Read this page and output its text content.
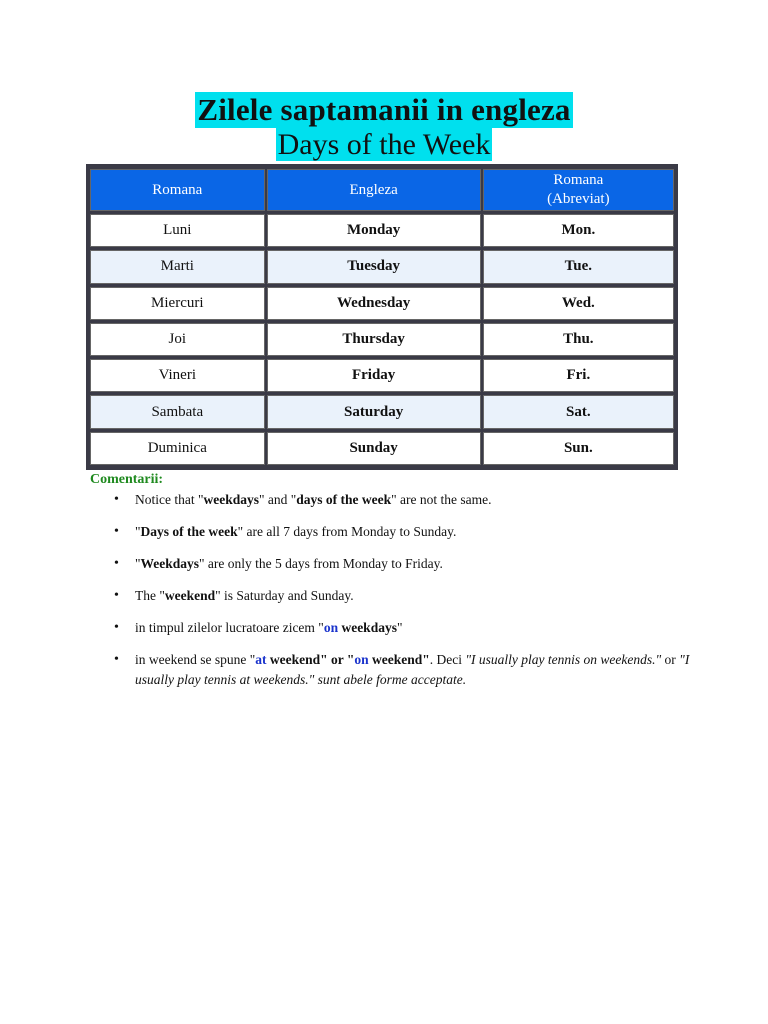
Zilele saptamanii in engleza
Days of the Week
Romana	Engleza	Romana
(Abreviat)
Luni	Monday	Mon.
Marti	Tuesday	Tue.
Miercuri	Wednesday	Wed.
Joi	Thursday	Thu.
Vineri	Friday	Fri.
Sambata	Saturday	Sat.
Duminica	Sunday	Sun.
Comentarii:
• Notice that "weekdays" and "days of the week" are not the same.
• "Days of the week" are all 7 days from Monday to Sunday.
• "Weekdays" are only the 5 days from Monday to Friday.
• The "weekend" is Saturday and Sunday.
• in timpul zilelor lucratoare zicem "on weekdays"
• in weekend se spune "at weekend" or "on weekend". Deci "I usually play tennis on weekends." or "I usually play tennis at weekends." sunt abele forme acceptate.
